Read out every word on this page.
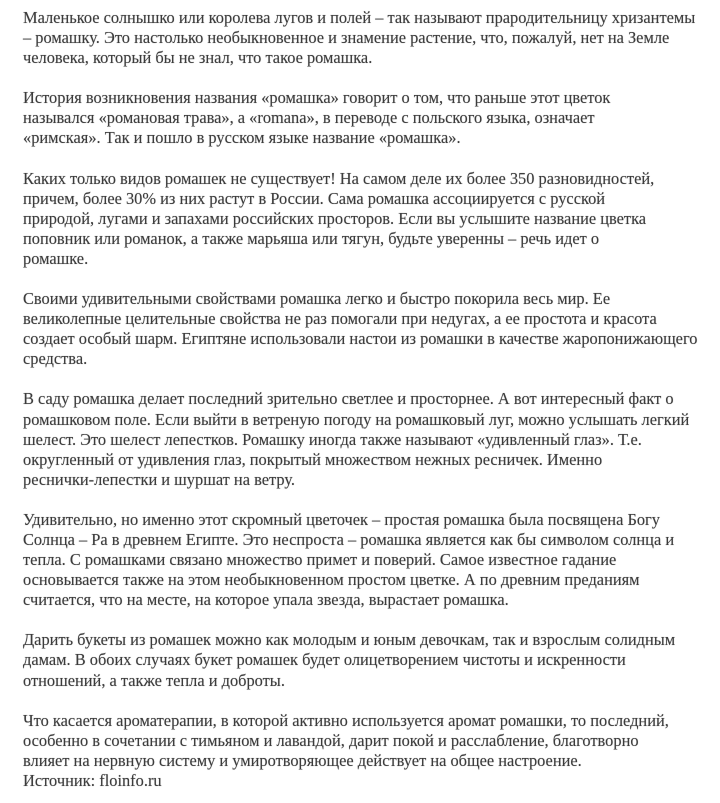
Маленькое солнышко или королева лугов и полей – так называют прародительницу хризантемы
– ромашку. Это настолько необыкновенное и знамение растение, что, пожалуй, нет на Земле
человека, который бы не знал, что такое ромашка.

История возникновения названия «ромашка» говорит о том, что раньше этот цветок
назывался «романовая трава», а «romana», в переводе с польского языка, означает
«римская». Так и пошло в русском языке название «ромашка».

Каких только видов ромашек не существует! На самом деле их более 350 разновидностей,
причем, более 30% из них растут в России. Сама ромашка ассоциируется с русской
природой, лугами и запахами российских просторов. Если вы услышите название цветка
поповник или романок, а также марьяша или тягун, будьте уверенны – речь идет о
ромашке.

Своими удивительными свойствами ромашка легко и быстро покорила весь мир. Ее
великолепные целительные свойства не раз помогали при недугах, а ее простота и красота
создает особый шарм. Египтяне использовали настои из ромашки в качестве жаропонижающего
средства.

В саду ромашка делает последний зрительно светлее и просторнее. А вот интересный факт о
ромашковом поле. Если выйти в ветреную погоду на ромашковый луг, можно услышать легкий
шелест. Это шелест лепестков. Ромашку иногда также называют «удивленный глаз». Т.е.
округленный от удивления глаз, покрытый множеством нежных ресничек. Именно
реснички-лепестки и шуршат на ветру.

Удивительно, но именно этот скромный цветочек – простая ромашка была посвящена Богу
Солнца – Ра в древнем Египте. Это неспроста – ромашка является как бы символом солнца и
тепла. С ромашками связано множество примет и поверий. Самое известное гадание
основывается также на этом необыкновенном простом цветке. А по древним преданиям
считается, что на месте, на которое упала звезда, вырастает ромашка.

Дарить букеты из ромашек можно как молодым и юным девочкам, так и взрослым солидным
дамам. В обоих случаях букет ромашек будет олицетворением чистоты и искренности
отношений, а также тепла и доброты.

Что касается ароматерапии, в которой активно используется аромат ромашки, то последний,
особенно в сочетании с тимьяном и лавандой, дарит покой и расслабление, благотворно
влияет на нервную систему и умиротворяющее действует на общее настроение.

Источник: floinfo.ru
